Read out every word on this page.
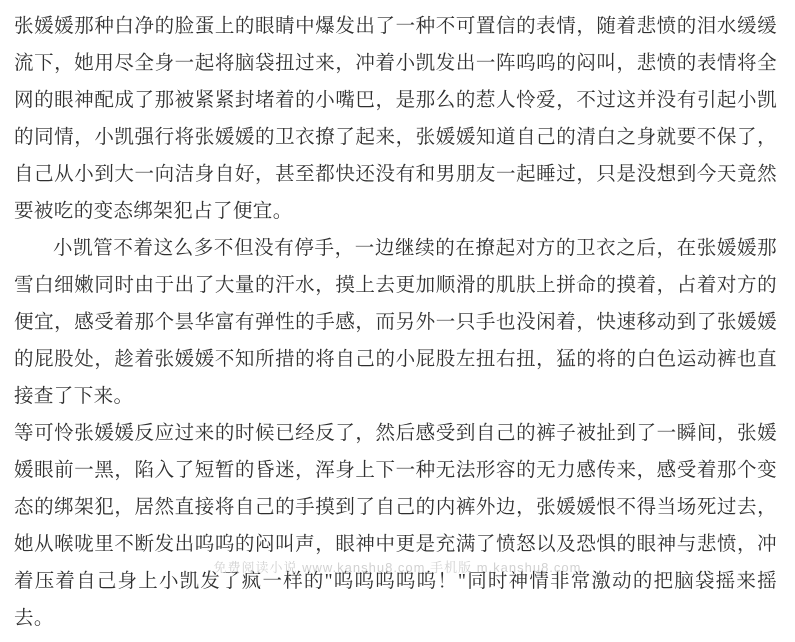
张媛媛那种白净的脸蛋上的眼睛中爆发出了一种不可置信的表情，随着悲愤的泪水缓缓流下，她用尽全身一起将脑袋扭过来，冲着小凯发出一阵呜呜的闷叫，悲愤的表情将全网的眼神配成了那被紧紧封堵着的小嘴巴，是那么的惹人怜爱，不过这并没有引起小凯的同情，小凯强行将张媛媛的卫衣撩了起来，张媛媛知道自己的清白之身就要不保了，自己从小到大一向洁身自好，甚至都快还没有和男朋友一起睡过，只是没想到今天竟然要被吃的变态绑架犯占了便宜。

小凯管不着这么多不但没有停手，一边继续的在撩起对方的卫衣之后，在张媛媛那雪白细嫩同时由于出了大量的汗水，摸上去更加顺滑的肌肤上拼命的摸着，占着对方的便宜，感受着那个昙华富有弹性的手感，而另外一只手也没闲着，快速移动到了张媛媛的屁股处，趁着张媛媛不知所措的将自己的小屁股左扭右扭，猛的将的白色运动裤也直接查了下来。

等可怜张媛媛反应过来的时候已经反了，然后感受到自己的裤子被扯到了一瞬间，张媛媛眼前一黑，陷入了短暂的昏迷，浑身上下一种无法形容的无力感传来，感受着那个变态的绑架犯，居然直接将自己的手摸到了自己的内裤外边，张媛媛恨不得当场死过去，她从喉咙里不断发出呜呜的闷叫声，眼神中更是充满了愤怒以及恐惧的眼神与悲愤，冲着压着自己身上小凯发了疯一样的"呜呜呜呜呜！"同时神情非常激动的把脑袋摇来摇去。

免费阅读小说 www.kanshu8.com 手机版 m.kanshu8.com
